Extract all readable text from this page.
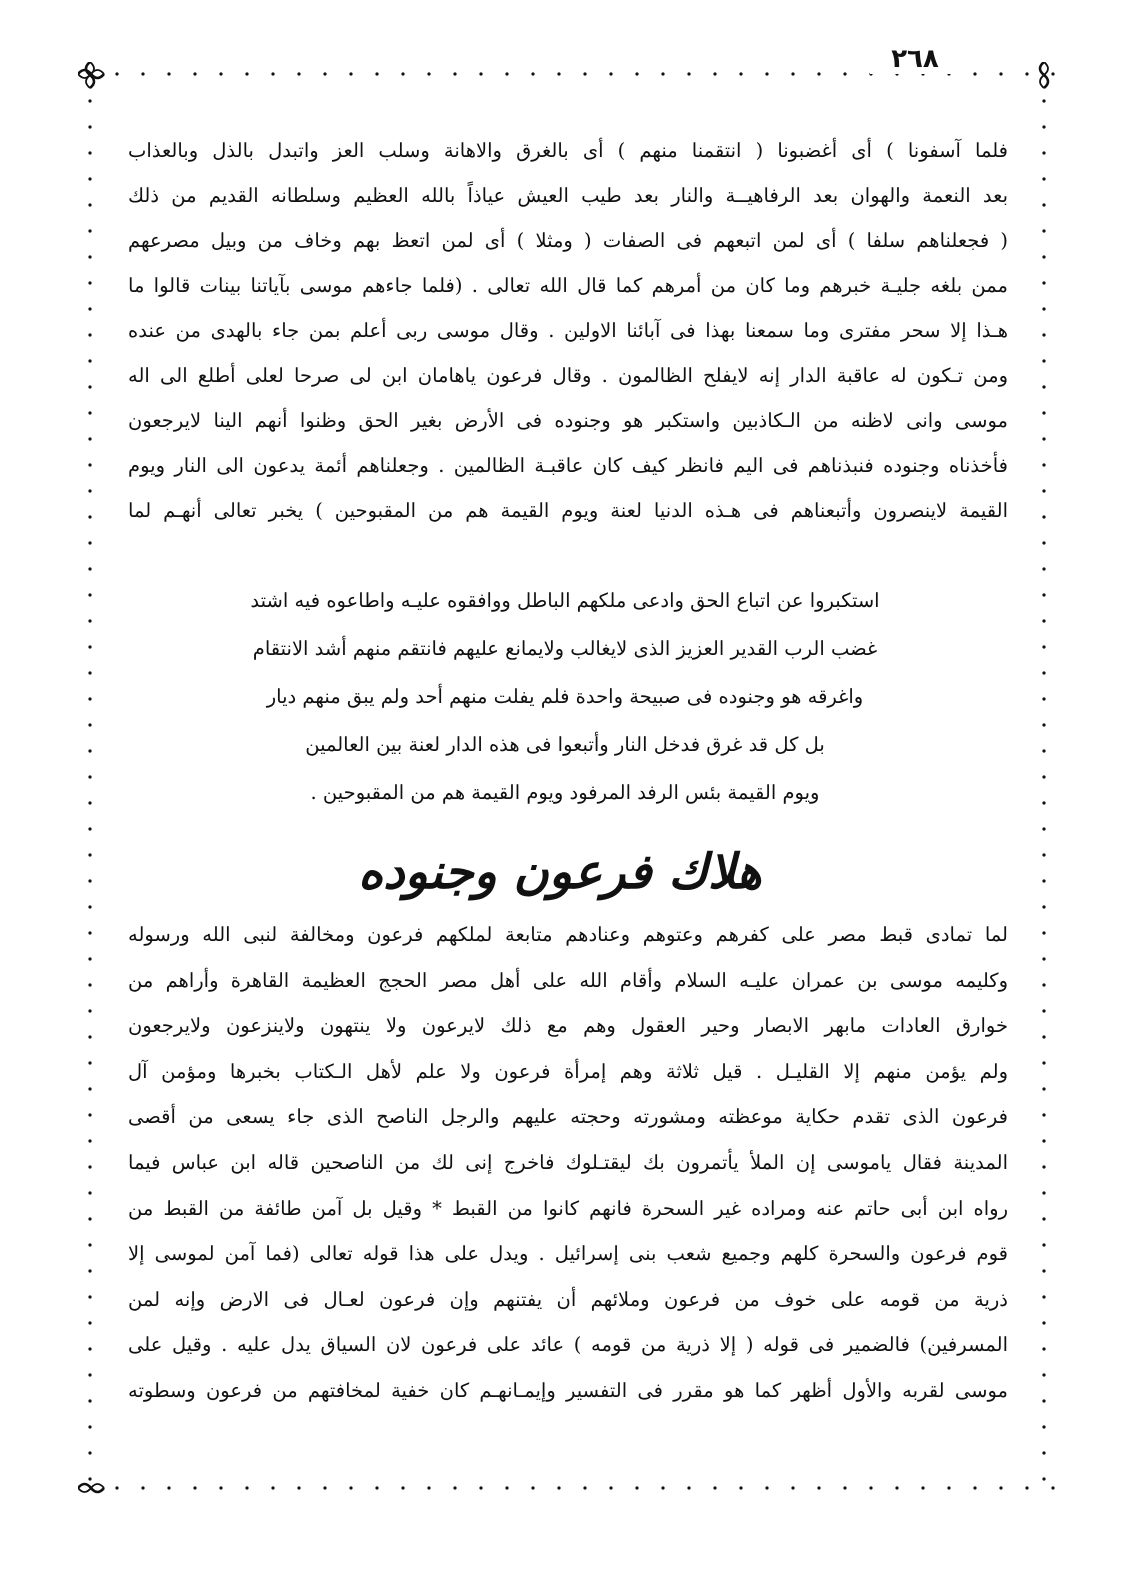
٢٦٨
فلما آسفونا ) أى أغضبونا ( انتقمنا منهم ) أى بالغرق والاهانة وسلب العز واتبدل بالذل وبالعذاب
بعد النعمة والهوان بعد الرفاهيــة والنار بعد طيب العيش عياذاً بالله العظيم وسلطانه القديم من ذلك
( فجعلناهم سلفا ) أى لمن اتبعهم فى الصفات ( ومثلا ) أى لمن اتعظ بهم وخاف من وبيل مصرعهم
ممن بلغه جليـة خبرهم وما كان من أمرهم كما قال الله تعالى . (فلما جاءهم موسى بآياتنا بينات قالوا ما
هـذا إلا سحر مفترى وما سمعنا بهذا فى آبائنا الاولين . وقال موسى ربى أعلم بمن جاء بالهدى من عنده
ومن تـكون له عاقبة الدار إنه لايفلح الظالمون . وقال فرعون ياهامان ابن لى صرحا لعلى أطلع الى اله
موسى وانى لاظنه من الـكاذبين واستكبر هو وجنوده فى الأرض بغير الحق وظنوا أنهم الينا لايرجعون
فأخذناه وجنوده فنبذناهم فى اليم فانظر كيف كان عاقبـة الظالمين . وجعلناهم أئمة يدعون الى النار ويوم
القيمة لاينصرون وأتبعناهم فى هـذه الدنيا لعنة ويوم القيمة هم من المقبوحين ) يخبر تعالى أنهـم لما
استكبروا عن اتباع الحق وادعى ملكهم الباطل ووافقوه عليـه واطاعوه فيه اشتد
غضب الرب القدير العزيز الذى لايغالب ولايمانع عليهم فانتقم منهم أشد الانتقام
واغرقه هو وجنوده فى صبيحة واحدة فلم يفلت منهم أحد ولم يبق منهم ديار
بل كل قد غرق فدخل النار وأتبعوا فى هذه الدار لعنة بين العالمين
ويوم القيمة بئس الرفد المرفود ويوم القيمة هم من المقبوحين .
هلاك فرعون وجنوده
لما تمادى قبط مصر على كفرهم وعتوهم وعنادهم متابعة لملكهم فرعون ومخالفة لنبى الله ورسوله
وكليمه موسى بن عمران عليـه السلام وأقام الله على أهل مصر الحجج العظيمة القاهرة وأراهم من
خوارق العادات مابهر الابصار وحير العقول وهم مع ذلك لايرعون ولا ينتهون ولاينزعون ولايرجعون
ولم يؤمن منهم إلا القليـل . قيل ثلاثة وهم إمرأة فرعون ولا علم لأهل الـكتاب بخبرها ومؤمن آل
فرعون الذى تقدم حكاية موعظته ومشورته وحجته عليهم والرجل الناصح الذى جاء يسعى من أقصى
المدينة فقال ياموسى إن الملأ يأتمرون بك ليقتـلوك فاخرج إنى لك من الناصحين قاله ابن عباس فيما
رواه ابن أبى حاتم عنه ومراده غير السحرة فانهم كانوا من القبط * وقيل بل آمن طائفة من القبط من
قوم فرعون والسحرة كلهم وجميع شعب بنى إسرائيل . ويدل على هذا قوله تعالى (فما آمن لموسى إلا
ذرية من قومه على خوف من فرعون وملائهم أن يفتنهم وإن فرعون لعـال فى الارض وإنه لمن
المسرفين) فالضمير فى قوله ( إلا ذرية من قومه ) عائد على فرعون لان السياق يدل عليه . وقيل على
موسى لقربه والأول أظهر كما هو مقرر فى التفسير وإيمـانهـم كان خفية لمخافتهم من فرعون وسطوته
